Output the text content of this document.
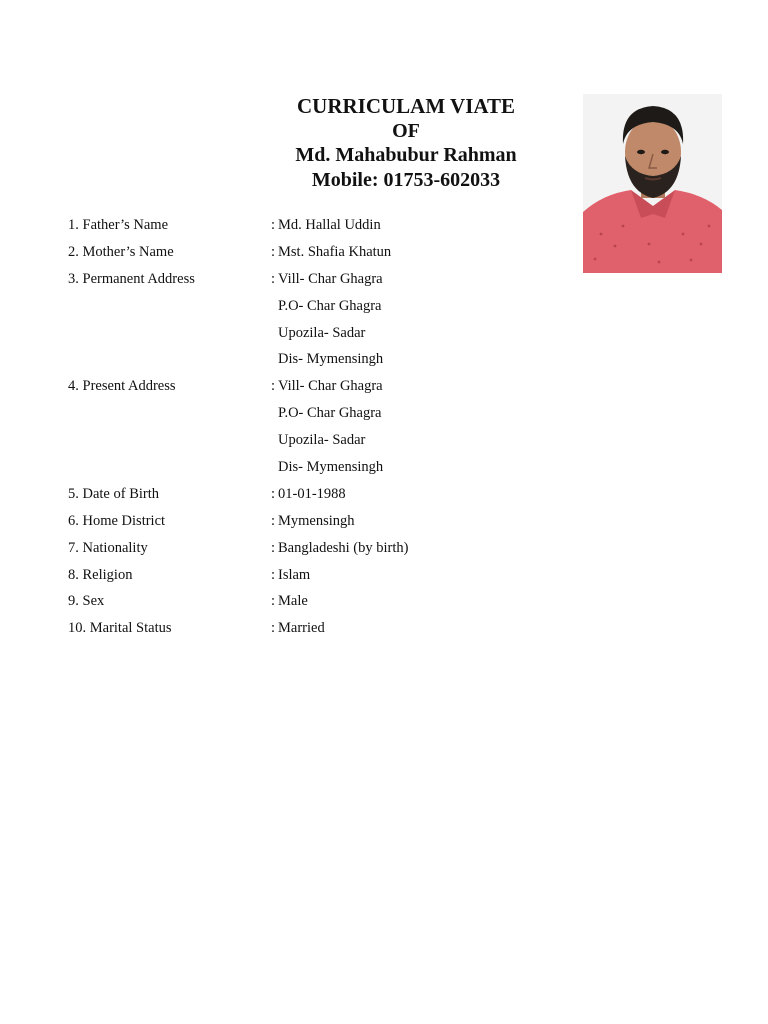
CURRICULAM VIATE
OF
Md. Mahabubur Rahman
Mobile: 01753-602033
1. Father’s Name	: Md. Hallal Uddin
2. Mother’s Name	: Mst. Shafia Khatun
3. Permanent Address	: Vill- Char Ghagra
P.O- Char Ghagra
Upozila- Sadar
Dis- Mymensingh
4. Present Address	: Vill- Char Ghagra
P.O- Char Ghagra
Upozila- Sadar
Dis- Mymensingh
5. Date of Birth	: 01-01-1988
6. Home District	: Mymensingh
7. Nationality	: Bangladeshi (by birth)
8. Religion	: Islam
9. Sex	: Male
10. Marital Status	: Married
